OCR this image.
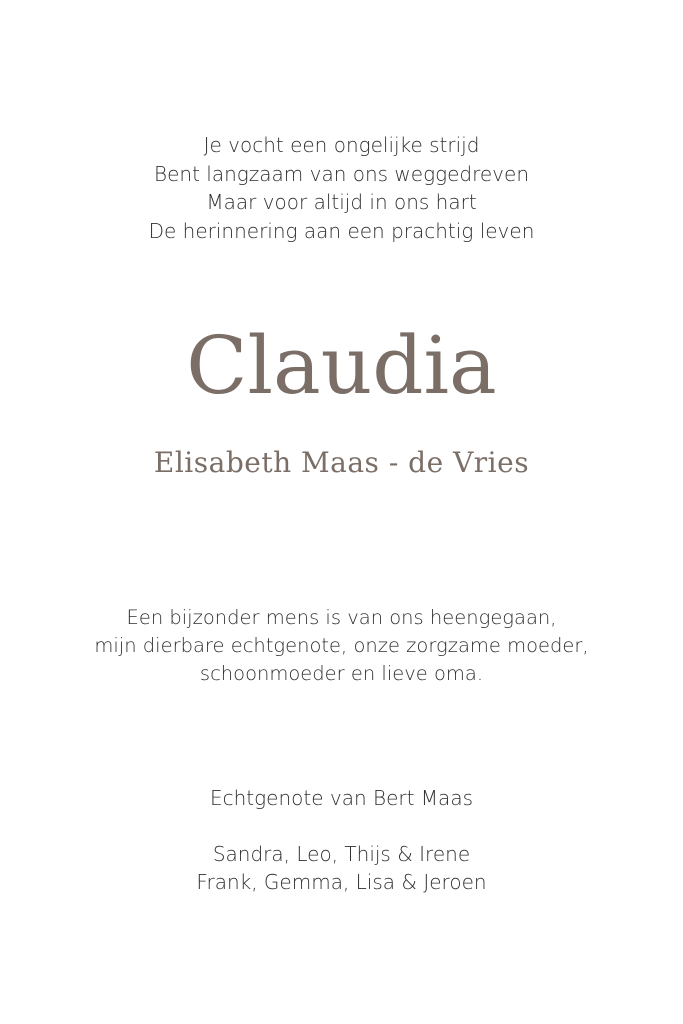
Je vocht een ongelijke strijd
Bent langzaam van ons weggedreven
Maar voor altijd in ons hart
De herinnering aan een prachtig leven
Claudia
Elisabeth Maas - de Vries
Een bijzonder mens is van ons heengegaan,
mijn dierbare echtgenote, onze zorgzame moeder,
schoonmoeder en lieve oma.
Echtgenote van Bert Maas
Sandra, Leo, Thijs & Irene
Frank, Gemma, Lisa & Jeroen
